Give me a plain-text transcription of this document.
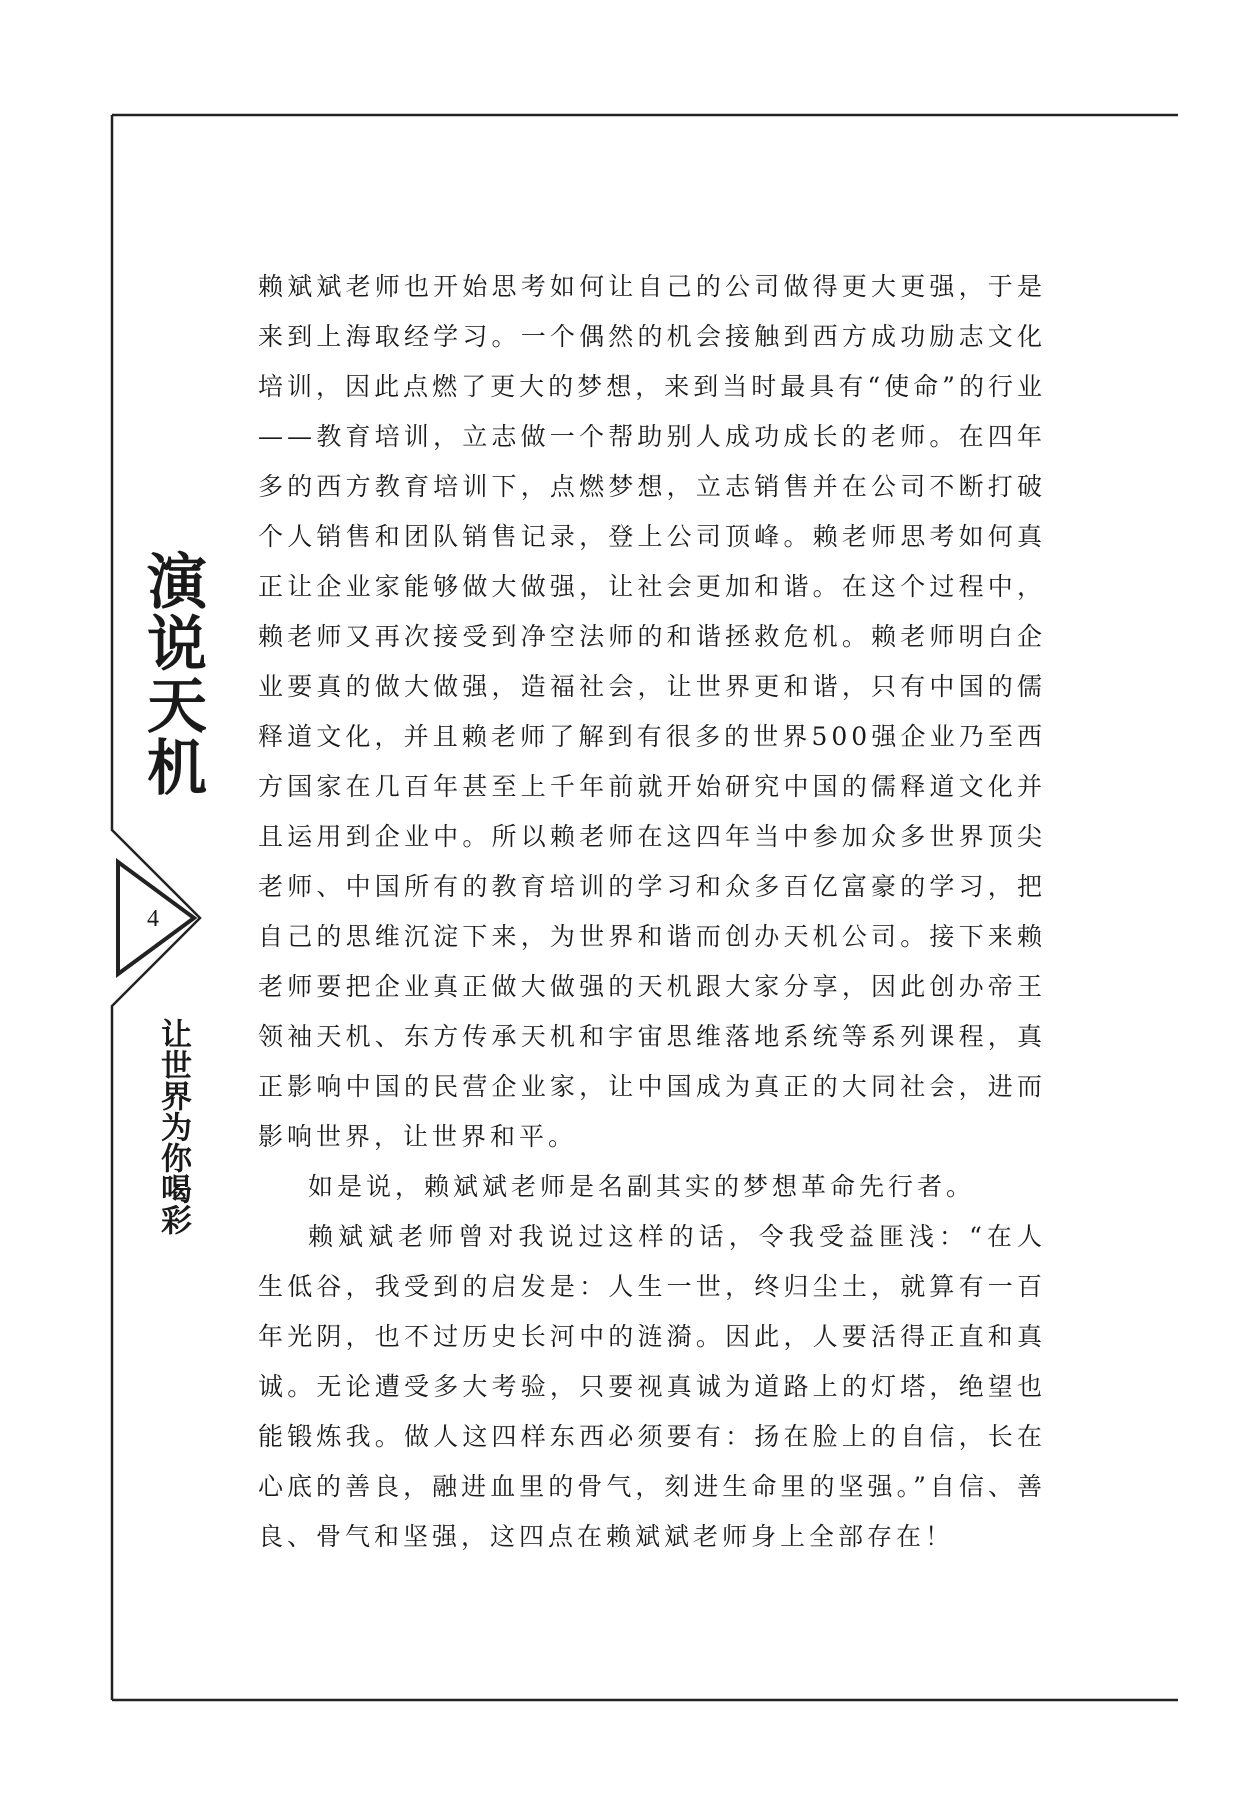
演说天机
4
让世界为你喝彩

赖斌斌老师也开始思考如何让自己的公司做得更大更强，于是来到上海取经学习。一个偶然的机会接触到西方成功励志文化培训，因此点燃了更大的梦想，来到当时最具有“使命”的行业——教育培训，立志做一个帮助别人成功成长的老师。在四年多的西方教育培训下，点燃梦想，立志销售并在公司不断打破个人销售和团队销售记录，登上公司顶峰。赖老师思考如何真正让企业家能够做大做强，让社会更加和谐。在这个过程中，赖老师又再次接受到净空法师的和谐拯救危机。赖老师明白企业要真的做大做强，造福社会，让世界更和谐，只有中国的儒释道文化，并且赖老师了解到有很多的世界500强企业乃至西方国家在几百年甚至上千年前就开始研究中国的儒释道文化并且运用到企业中。所以赖老师在这四年当中参加众多世界顶尖老师、中国所有的教育培训的学习和众多百亿富豪的学习，把自己的思维沉淀下来，为世界和谐而创办天机公司。接下来赖老师要把企业真正做大做强的天机跟大家分享，因此创办帝王领袖天机、东方传承天机和宇宙思维落地系统等系列课程，真正影响中国的民营企业家，让中国成为真正的大同社会，进而影响世界，让世界和平。

如是说，赖斌斌老师是名副其实的梦想革命先行者。

赖斌斌老师曾对我说过这样的话，令我受益匪浅：“在人生低谷，我受到的启发是：人生一世，终归尘土，就算有一百年光阴，也不过历史长河中的涟漪。因此，人要活得正直和真诚。无论遭受多大考验，只要视真诚为道路上的灯塔，绝望也能锻炼我。做人这四样东西必须要有：扬在脸上的自信，长在心底的善良，融进血里的骨气，刻进生命里的坚强。”自信、善良、骨气和坚强，这四点在赖斌斌老师身上全部存在！
